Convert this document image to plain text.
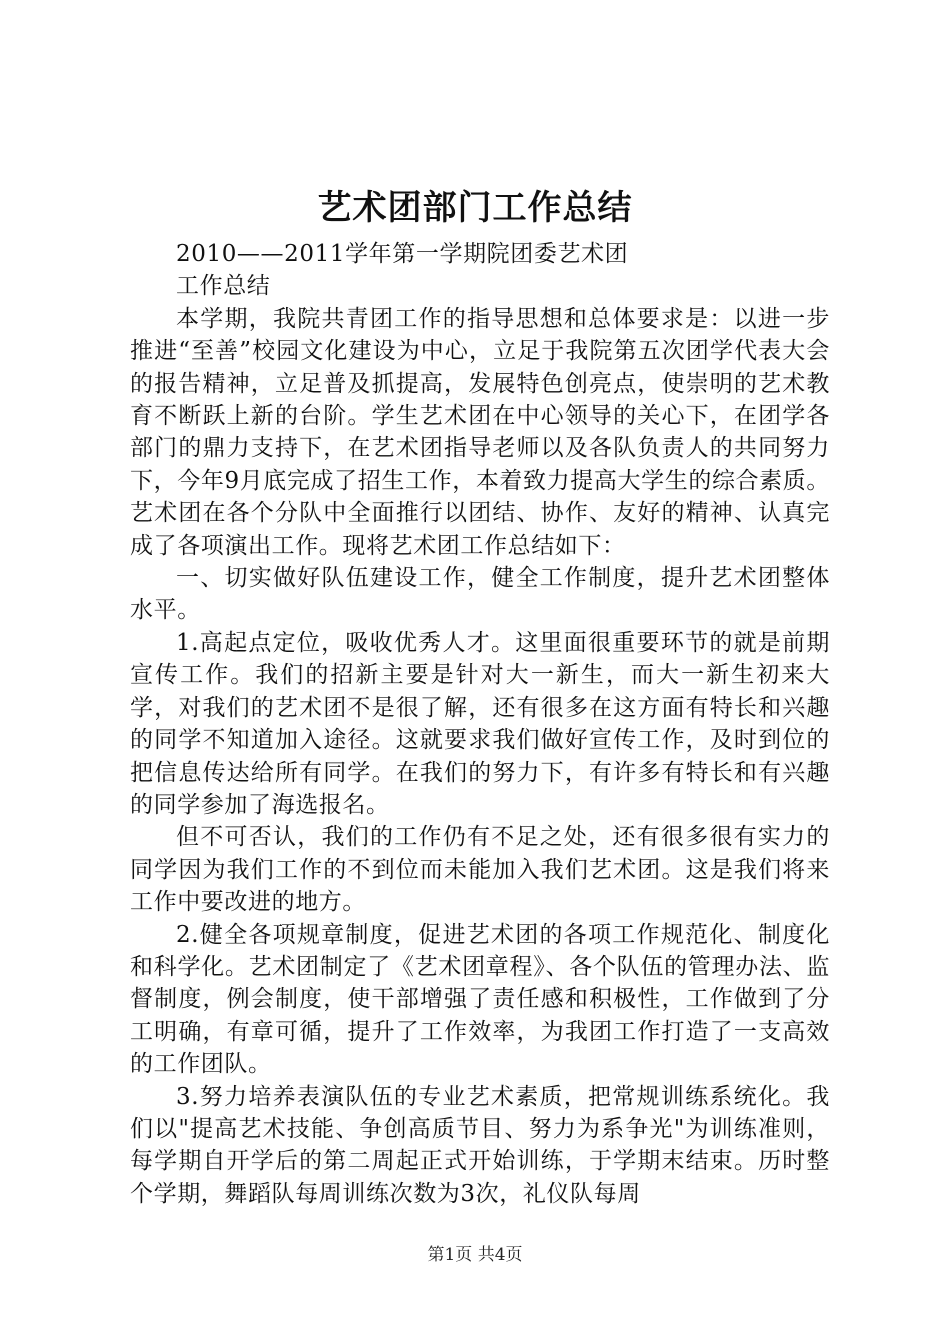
艺术团部门工作总结

2010——2011学年第一学期院团委艺术团

工作总结

本学期，我院共青团工作的指导思想和总体要求是：以进一步推进“至善”校园文化建设为中心，立足于我院第五次团学代表大会的报告精神，立足普及抓提高，发展特色创亮点，使崇明的艺术教育不断跃上新的台阶。学生艺术团在中心领导的关心下，在团学各部门的鼎力支持下，在艺术团指导老师以及各队负责人的共同努力下，今年9月底完成了招生工作，本着致力提高大学生的综合素质。艺术团在各个分队中全面推行以团结、协作、友好的精神、认真完成了各项演出工作。现将艺术团工作总结如下：

一、切实做好队伍建设工作，健全工作制度，提升艺术团整体水平。

1.高起点定位，吸收优秀人才。这里面很重要环节的就是前期宣传工作。我们的招新主要是针对大一新生，而大一新生初来大学，对我们的艺术团不是很了解，还有很多在这方面有特长和兴趣的同学不知道加入途径。这就要求我们做好宣传工作，及时到位的把信息传达给所有同学。在我们的努力下，有许多有特长和有兴趣的同学参加了海选报名。

但不可否认，我们的工作仍有不足之处，还有很多很有实力的同学因为我们工作的不到位而未能加入我们艺术团。这是我们将来工作中要改进的地方。

2.健全各项规章制度，促进艺术团的各项工作规范化、制度化和科学化。艺术团制定了《艺术团章程》、各个队伍的管理办法、监督制度，例会制度，使干部增强了责任感和积极性，工作做到了分工明确，有章可循，提升了工作效率，为我团工作打造了一支高效的工作团队。

3.努力培养表演队伍的专业艺术素质，把常规训练系统化。我们以"提高艺术技能、争创高质节目、努力为系争光"为训练准则，每学期自开学后的第二周起正式开始训练，于学期末结束。历时整个学期，舞蹈队每周训练次数为3次，礼仪队每周

第1页 共4页
